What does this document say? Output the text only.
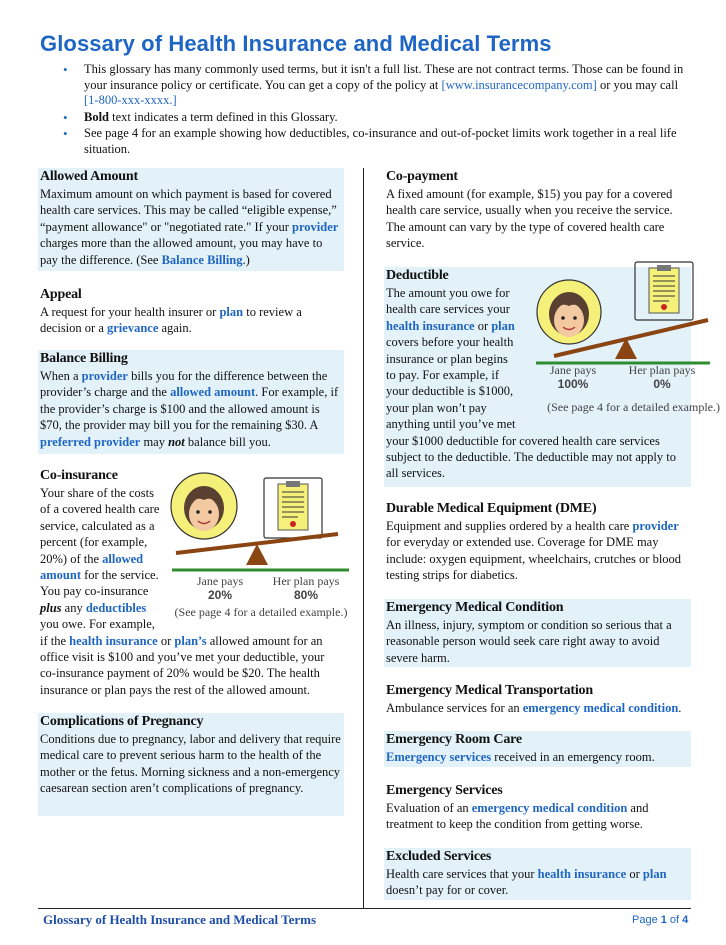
Glossary of Health Insurance and Medical Terms
• This glossary has many commonly used terms, but it isn't a full list. These are not contract terms. Those can be found in your insurance policy or certificate. You can get a copy of the policy at [www.insurancecompany.com] or you may call [1-800-xxx-xxxx.]
• Bold text indicates a term defined in this Glossary.
• See page 4 for an example showing how deductibles, co-insurance and out-of-pocket limits work together in a real life situation.
Allowed Amount

Maximum amount on which payment is based for covered health care services. This may be called “eligible expense,” “payment allowance" or "negotiated rate." If your provider charges more than the allowed amount, you may have to pay the difference. (See Balance Billing.)

Appeal

A request for your health insurer or plan to review a decision or a grievance again.

Balance Billing

When a provider bills you for the difference between the provider’s charge and the allowed amount. For example, if the provider’s charge is $100 and the allowed amount is $70, the provider may bill you for the remaining $30. A preferred provider may not balance bill you.

Co-insurance

Your share of the costs of a covered health care service, calculated as a percent (for example, 20%) of the allowed amount for the service. You pay co-insurance plus any deductibles you owe. For example, if the health insurance or plan’s allowed amount for an office visit is $100 and you’ve met your deductible, your co-insurance payment of 20% would be $20. The health insurance or plan pays the rest of the allowed amount.

Jane pays
20%
Her plan pays
80%
(See page 4 for a detailed example.)
Complications of Pregnancy

Conditions due to pregnancy, labor and delivery that require medical care to prevent serious harm to the health of the mother or the fetus. Morning sickness and a non-emergency caesarean section aren’t complications of pregnancy.

Co-payment

A fixed amount (for example, $15) you pay for a covered health care service, usually when you receive the service. The amount can vary by the type of covered health care service.

Deductible

The amount you owe for health care services your health insurance or plan covers before your health insurance or plan begins to pay. For example, if your deductible is $1000, your plan won’t pay anything until you’ve met your $1000 deductible for covered health care services subject to the deductible. The deductible may not apply to all services.

Jane pays
100%
Her plan pays
0%
(See page 4 for a detailed example.)
Durable Medical Equipment (DME)

Equipment and supplies ordered by a health care provider for everyday or extended use. Coverage for DME may include: oxygen equipment, wheelchairs, crutches or blood testing strips for diabetics.

Emergency Medical Condition

An illness, injury, symptom or condition so serious that a reasonable person would seek care right away to avoid severe harm.

Emergency Medical Transportation

Ambulance services for an emergency medical condition.

Emergency Room Care

Emergency services received in an emergency room.

Emergency Services

Evaluation of an emergency medical condition and treatment to keep the condition from getting worse.

Excluded Services

Health care services that your health insurance or plan doesn’t pay for or cover.

Glossary of Health Insurance and Medical Terms	Page 1 of 4
